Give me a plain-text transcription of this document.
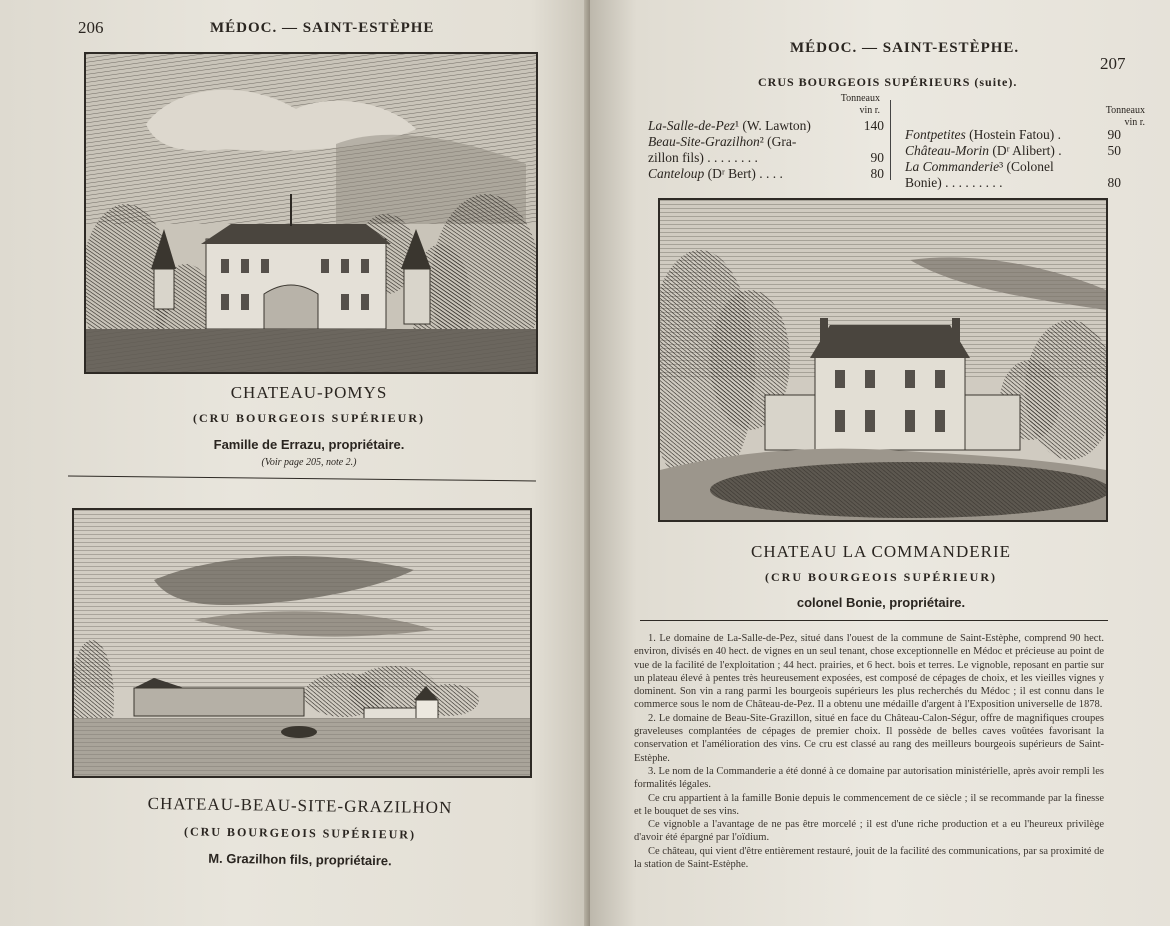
206	MÉDOC. — SAINT-ESTÈPHE
CHATEAU-POMYS
(CRU BOURGEOIS SUPÉRIEUR)
Famille de Errazu, propriétaire.
(Voir page 205, note 2.)
CHATEAU-BEAU-SITE-GRAZILHON
(CRU BOURGEOIS SUPÉRIEUR)
M. Grazilhon fils, propriétaire.
MÉDOC. — SAINT-ESTÈPHE.
207
CRUS BOURGEOIS SUPÉRIEURS (suite).
Tonneaux
vin r.	Tonneaux
vin r.
La-Salle-de-Pez¹ (W. Lawton)	140
Beau-Site-Grazilhon² (Gra-
zillon fils) . . . . . . . .	90
Canteloup (Dʳ Bert) . . . .	80
Fontpetites (Hostein Fatou) .	90
Château-Morin (Dʳ Alibert) .	50
La Commanderie³ (Colonel
Bonie) . . . . . . . . .	80
CHATEAU LA COMMANDERIE
(CRU BOURGEOIS SUPÉRIEUR)
colonel Bonie, propriétaire.

1. Le domaine de La-Salle-de-Pez, situé dans l'ouest de la commune de Saint-Estèphe, comprend 90 hect. environ, divisés en 40 hect. de vignes en un seul tenant, chose exceptionnelle en Médoc et précieuse au point de vue de la facilité de l'exploitation ; 44 hect. prairies, et 6 hect. bois et terres. Le vignoble, reposant en partie sur un plateau élevé à pentes très heureusement exposées, est composé de cépages de choix, et les vieilles vignes y dominent. Son vin a rang parmi les bourgeois supérieurs les plus recherchés du Médoc ; il est connu dans le commerce sous le nom de Château-de-Pez. Il a obtenu une médaille d'argent à l'Exposition universelle de 1878.

2. Le domaine de Beau-Site-Grazillon, situé en face du Château-Calon-Ségur, offre de magnifiques croupes graveleuses complantées de cépages de premier choix. Il possède de belles caves voûtées favorisant la conservation et l'amélioration des vins. Ce cru est classé au rang des meilleurs bourgeois supérieurs de Saint-Estèphe.

3. Le nom de la Commanderie a été donné à ce domaine par autorisation ministérielle, après avoir rempli les formalités légales.

Ce cru appartient à la famille Bonie depuis le commencement de ce siècle ; il se recommande par la finesse et le bouquet de ses vins.

Ce vignoble a l'avantage de ne pas être morcelé ; il est d'une riche production et a eu l'heureux privilège d'avoir été épargné par l'oïdium.

Ce château, qui vient d'être entièrement restauré, jouit de la facilité des communications, par sa proximité de la station de Saint-Estèphe.
